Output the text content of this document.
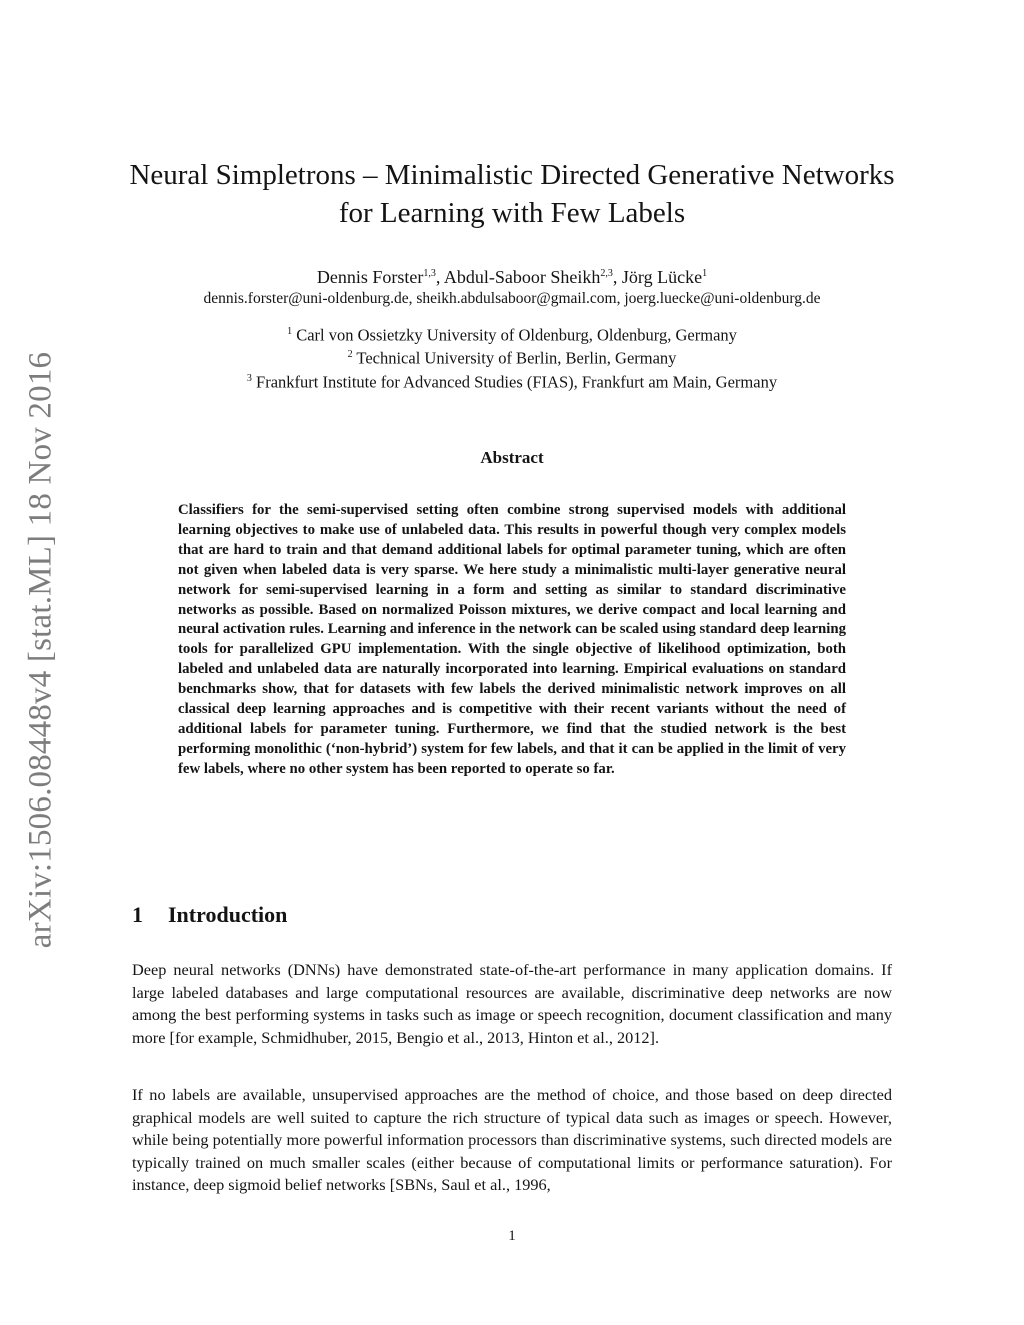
arXiv:1506.08448v4 [stat.ML] 18 Nov 2016
Neural Simpletrons – Minimalistic Directed Generative Networks
for Learning with Few Labels
Dennis Forster$^{1,3}$, Abdul-Saboor Sheikh$^{2,3}$, Jörg Lücke$^1$
dennis.forster@uni-oldenburg.de, sheikh.abdulsaboor@gmail.com, joerg.luecke@uni-oldenburg.de
$^1$ Carl von Ossietzky University of Oldenburg, Oldenburg, Germany
$^2$ Technical University of Berlin, Berlin, Germany
$^3$ Frankfurt Institute for Advanced Studies (FIAS), Frankfurt am Main, Germany
Abstract
Classifiers for the semi-supervised setting often combine strong supervised models with additional learning objectives to make use of unlabeled data. This results in powerful though very complex models that are hard to train and that demand additional labels for optimal parameter tuning, which are often not given when labeled data is very sparse. We here study a minimalistic multi-layer generative neural network for semi-supervised learning in a form and setting as similar to standard discriminative networks as possible. Based on normalized Poisson mixtures, we derive compact and local learning and neural activation rules. Learning and inference in the network can be scaled using standard deep learning tools for parallelized GPU implementation. With the single objective of likelihood optimization, both labeled and unlabeled data are naturally incorporated into learning. Empirical evaluations on standard benchmarks show, that for datasets with few labels the derived minimalistic network improves on all classical deep learning approaches and is competitive with their recent variants without the need of additional labels for parameter tuning. Furthermore, we find that the studied network is the best performing monolithic (‘non-hybrid’) system for few labels, and that it can be applied in the limit of very few labels, where no other system has been reported to operate so far.
1 Introduction
Deep neural networks (DNNs) have demonstrated state-of-the-art performance in many application domains. If large labeled databases and large computational resources are available, discriminative deep networks are now among the best performing systems in tasks such as image or speech recognition, document classification and many more [for example, Schmidhuber, 2015, Bengio et al., 2013, Hinton et al., 2012].
If no labels are available, unsupervised approaches are the method of choice, and those based on deep directed graphical models are well suited to capture the rich structure of typical data such as images or speech. However, while being potentially more powerful information processors than discriminative systems, such directed models are typically trained on much smaller scales (either because of computational limits or performance saturation). For instance, deep sigmoid belief networks [SBNs, Saul et al., 1996,
1
